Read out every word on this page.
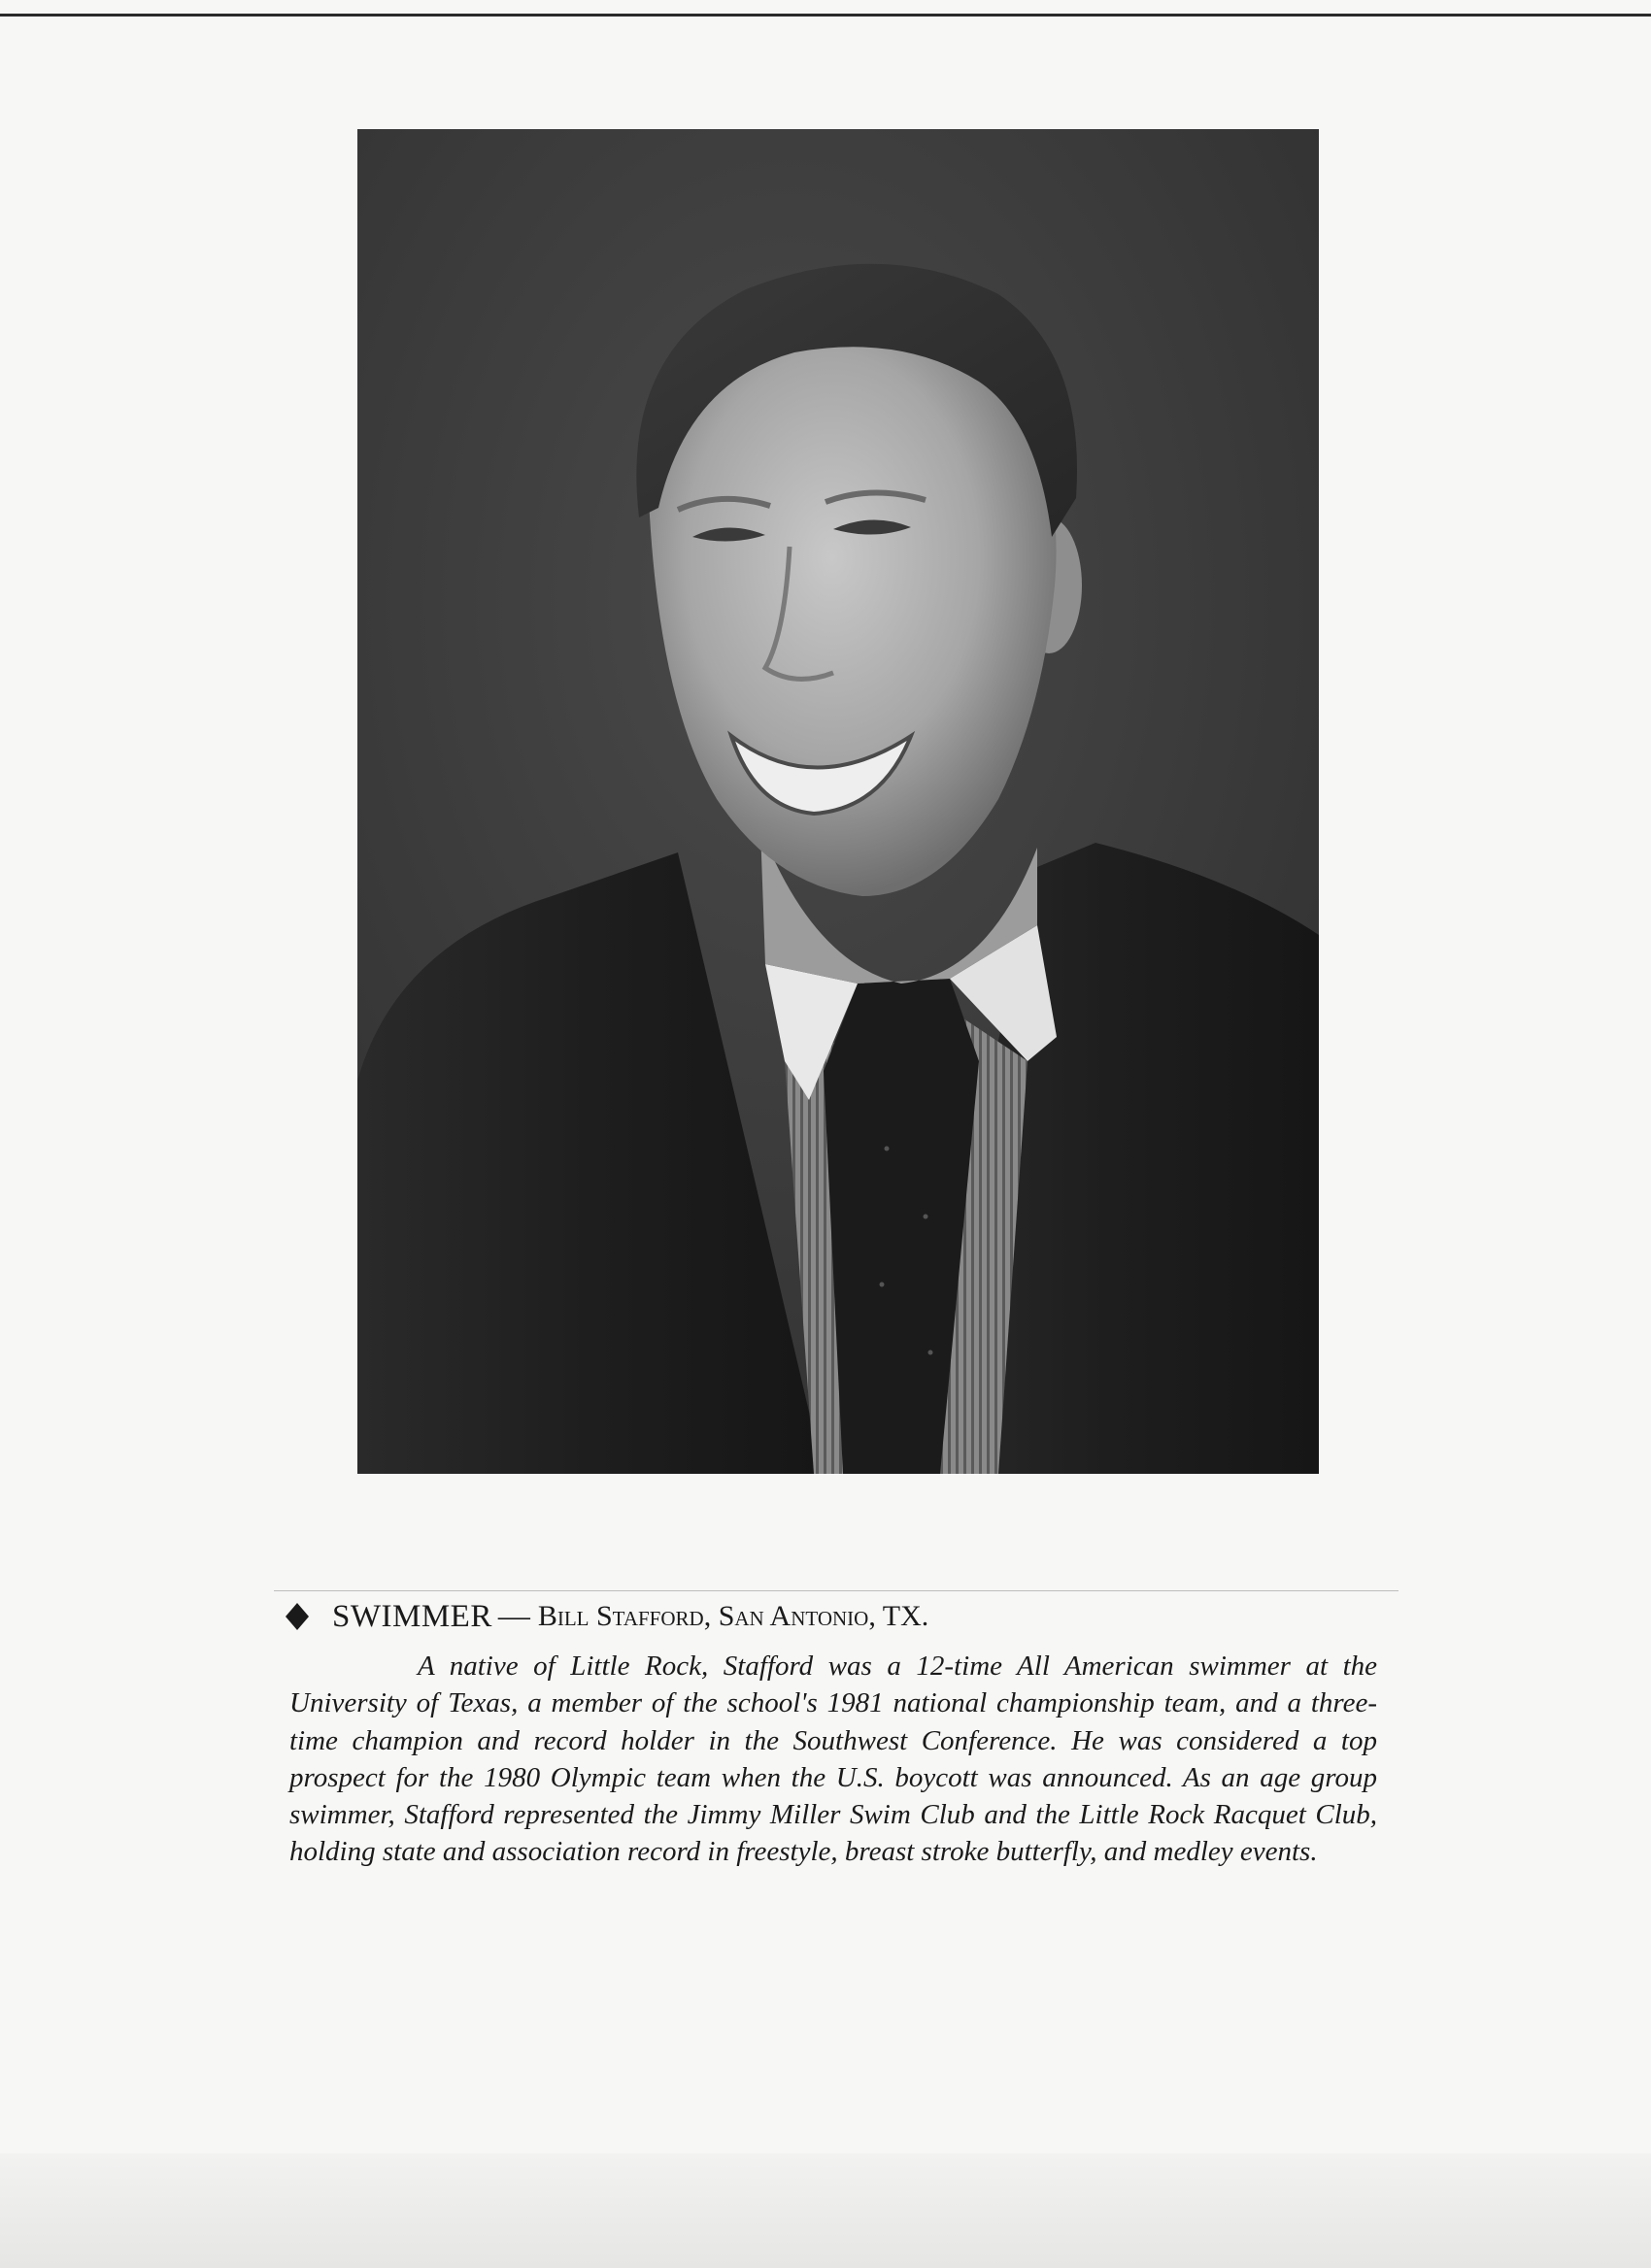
SWIMMER — Bill Stafford, San Antonio, TX.

A native of Little Rock, Stafford was a 12-time All American swimmer at the University of Texas, a member of the school's 1981 national championship team, and a three-time champion and record holder in the Southwest Conference. He was considered a top prospect for the 1980 Olympic team when the U.S. boycott was announced. As an age group swimmer, Stafford represented the Jimmy Miller Swim Club and the Little Rock Racquet Club, holding state and association record in freestyle, breast stroke butterfly, and medley events.
